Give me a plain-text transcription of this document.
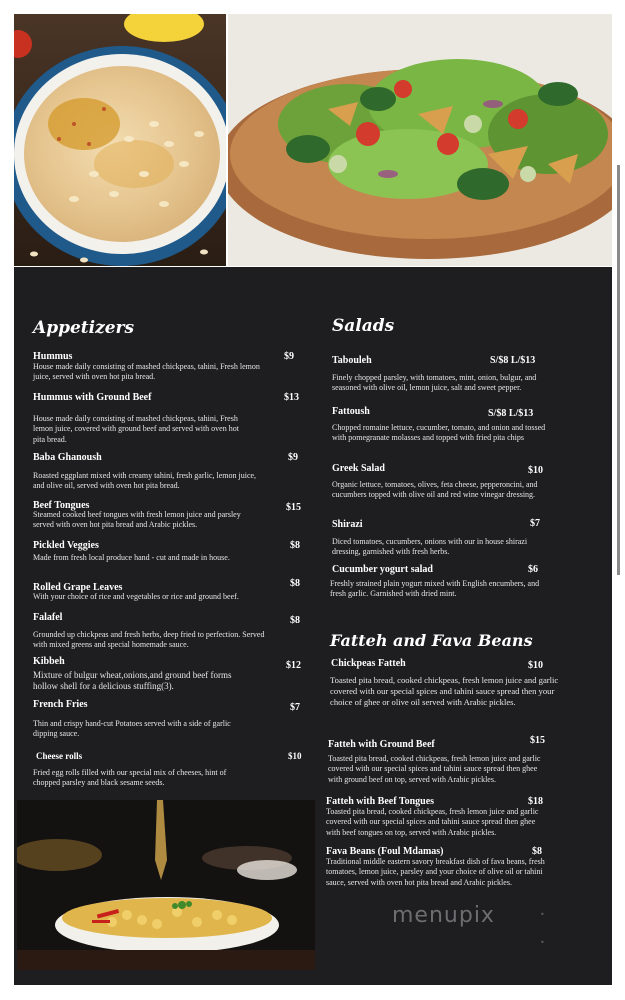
Appetizers
Hummus	$9
House made daily consisting of mashed chickpeas, tahini, Fresh lemon juice, served with oven hot pita bread.
Hummus with Ground Beef	$13
House made daily consisting of mashed chickpeas, tahini, Fresh lemon juice, covered with ground beef and served with oven hot pita bread.
Baba Ghanoush	$9
Roasted eggplant mixed with creamy tahini, fresh garlic, lemon juice, and olive oil, served with oven hot pita bread.
Beef Tongues	$15
Steamed cooked beef tongues with fresh lemon juice and parsley served with oven hot pita bread and Arabic pickles.
Pickled Veggies	$8
Made from fresh local produce hand - cut and made in house.
Rolled Grape Leaves	$8
With your choice of rice and vegetables or rice and ground beef.
Falafel	$8
Grounded up chickpeas and fresh herbs, deep fried to perfection. Served with mixed greens and special homemade sauce.
Kibbeh	$12
Mixture of bulgur wheat,onions,and ground beef forms hollow shell for a delicious stuffing(3).
French Fries	$7
Thin and crispy hand-cut Potatoes served with a side of garlic dipping sauce.
Cheese rolls	$10
Fried egg rolls filled with our special mix of cheeses, hint of chopped parsley and black sesame seeds.
Salads
Tabouleh	S/$8 L/$13
Finely chopped parsley, with tomatoes, mint, onion, bulgur, and seasoned with olive oil, lemon juice, salt and sweet pepper.
Fattoush	S/$8 L/$13
Chopped romaine lettuce, cucumber, tomato, and onion and tossed with pomegranate molasses and topped with fried pita chips
Greek Salad	$10
Organic lettuce, tomatoes, olives, feta cheese, pepperoncini, and cucumbers topped with olive oil and red wine vinegar dressing.
Shirazi	$7
Diced tomatoes, cucumbers, onions with our in house shirazi dressing, garnished with fresh herbs.
Cucumber yogurt salad	$6
Freshly strained plain yogurt mixed with English encumbers, and fresh garlic. Garnished with dried mint.
Fatteh and Fava Beans
Chickpeas Fatteh	$10
Toasted pita bread, cooked chickpeas, fresh lemon juice and garlic covered with our special spices and tahini sauce spread then your choice of ghee or olive oil served with Arabic pickles.
Fatteh with Ground Beef	$15
Toasted pita bread, cooked chickpeas, fresh lemon juice and garlic covered with our special spices and tahini sauce spread then ghee with ground beef on top, served with Arabic pickles.
Fatteh with Beef Tongues	$18
Toasted pita bread, cooked chickpeas, fresh lemon juice and garlic covered with our special spices and tahini sauce spread then ghee with beef tongues on top, served with Arabic pickles.
Fava Beans (Foul Mdamas)	$8
Traditional middle eastern savory breakfast dish of fava beans, fresh tomatoes, lemon juice, parsley and your choice of olive oil or tahini sauce, served with oven hot pita bread and Arabic pickles.
menupix	•
•
